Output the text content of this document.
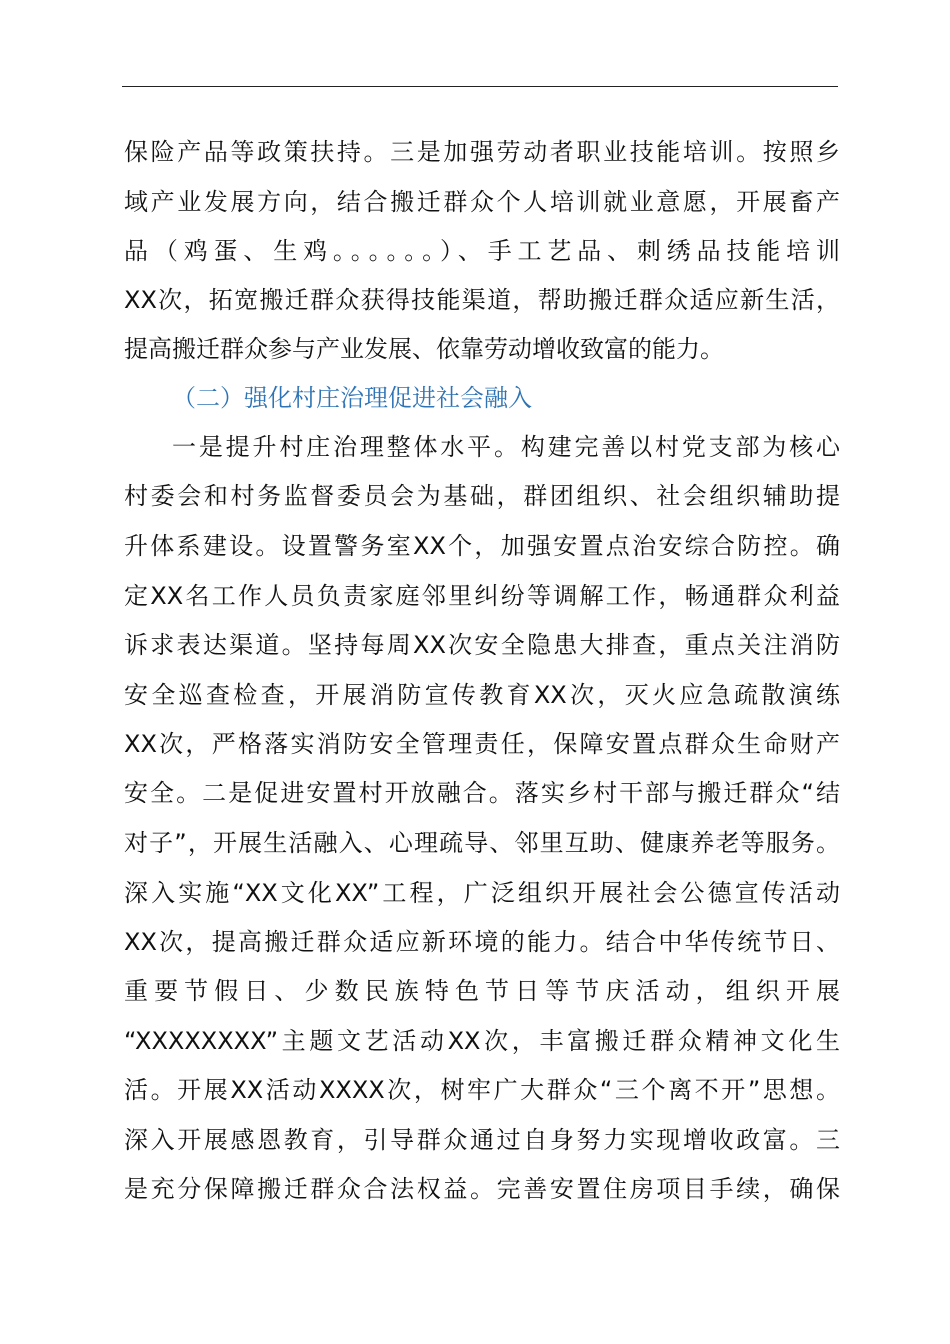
保险产品等政策扶持。三是加强劳动者职业技能培训。按照乡
域产业发展方向，结合搬迁群众个人培训就业意愿，开展畜产
品（鸡蛋、生鸡。。。。。。）、手工艺品、刺绣品技能培训
XX次，拓宽搬迁群众获得技能渠道，帮助搬迁群众适应新生活，
提高搬迁群众参与产业发展、依靠劳动增收致富的能力。
（二）强化村庄治理促进社会融入
一是提升村庄治理整体水平。构建完善以村党支部为核心
村委会和村务监督委员会为基础，群团组织、社会组织辅助提
升体系建设。设置警务室XX个，加强安置点治安综合防控。确
定XX名工作人员负责家庭邻里纠纷等调解工作，畅通群众利益
诉求表达渠道。坚持每周XX次安全隐患大排查，重点关注消防
安全巡查检查，开展消防宣传教育XX次，灭火应急疏散演练
XX次，严格落实消防安全管理责任，保障安置点群众生命财产
安全。二是促进安置村开放融合。落实乡村干部与搬迁群众“结
对子”，开展生活融入、心理疏导、邻里互助、健康养老等服务。
深入实施“XX文化XX”工程，广泛组织开展社会公德宣传活动
XX次，提高搬迁群众适应新环境的能力。结合中华传统节日、
重要节假日、少数民族特色节日等节庆活动，组织开展
“XXXXXXXX”主题文艺活动XX次，丰富搬迁群众精神文化生
活。开展XX活动XXXX次，树牢广大群众“三个离不开”思想。
深入开展感恩教育，引导群众通过自身努力实现增收政富。三
是充分保障搬迁群众合法权益。完善安置住房项目手续，确保
